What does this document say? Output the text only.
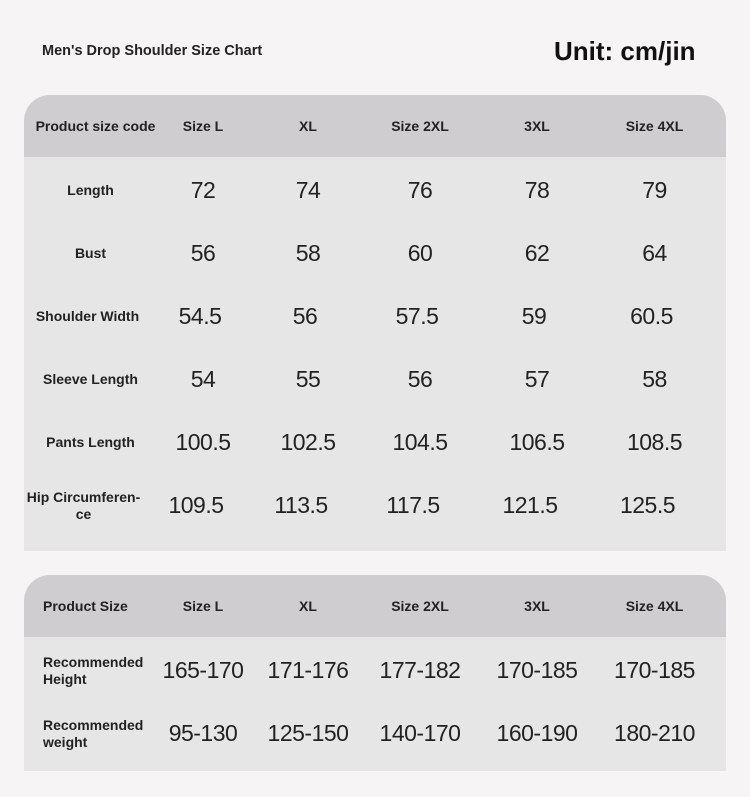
Men's Drop Shoulder Size Chart	Unit: cm/jin
Product size code	Size L	XL	Size 2XL	3XL	Size 4XL
Length	72	74	76	78	79
Bust	56	58	60	62	64
Shoulder Width	54.5	56	57.5	59	60.5
Sleeve Length	54	55	56	57	58
Pants Length	100.5	102.5	104.5	106.5	108.5
Hip Circumferen-
ce	109.5	113.5	117.5	121.5	125.5
Product Size	Size L	XL	Size 2XL	3XL	Size 4XL
Recommended
Height	165-170	171-176	177-182	170-185	170-185
Recommended
weight	95-130	125-150	140-170	160-190	180-210
